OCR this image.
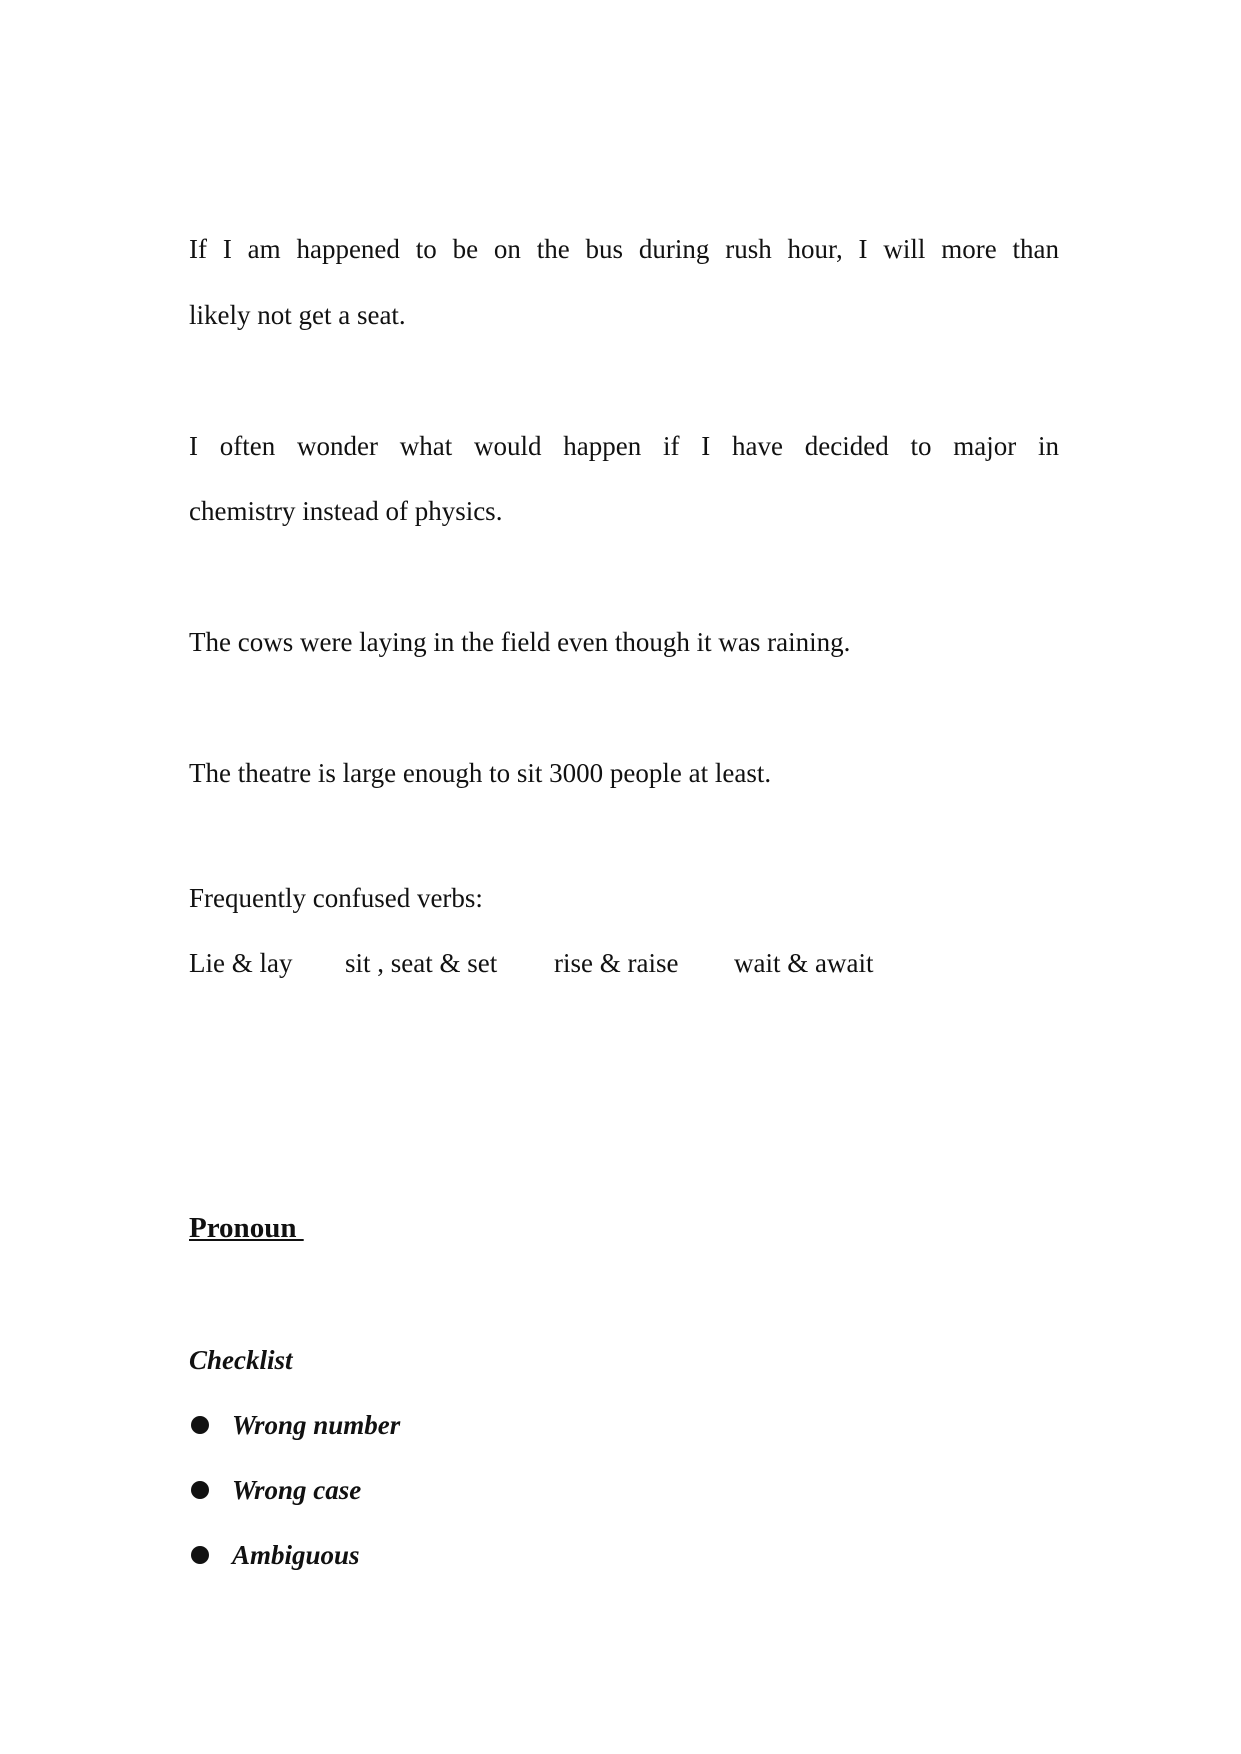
If I am happened to be on the bus during rush hour, I will more than
likely not get a seat.
I often wonder what would happen if I have decided to major in
chemistry instead of physics.
The cows were laying in the field even though it was raining.
The theatre is large enough to sit 3000 people at least.
Frequently confused verbs:
Lie & lay sit , seat & set rise & raise wait & await
Pronoun
Checklist
Wrong number
Wrong case
Ambiguous
